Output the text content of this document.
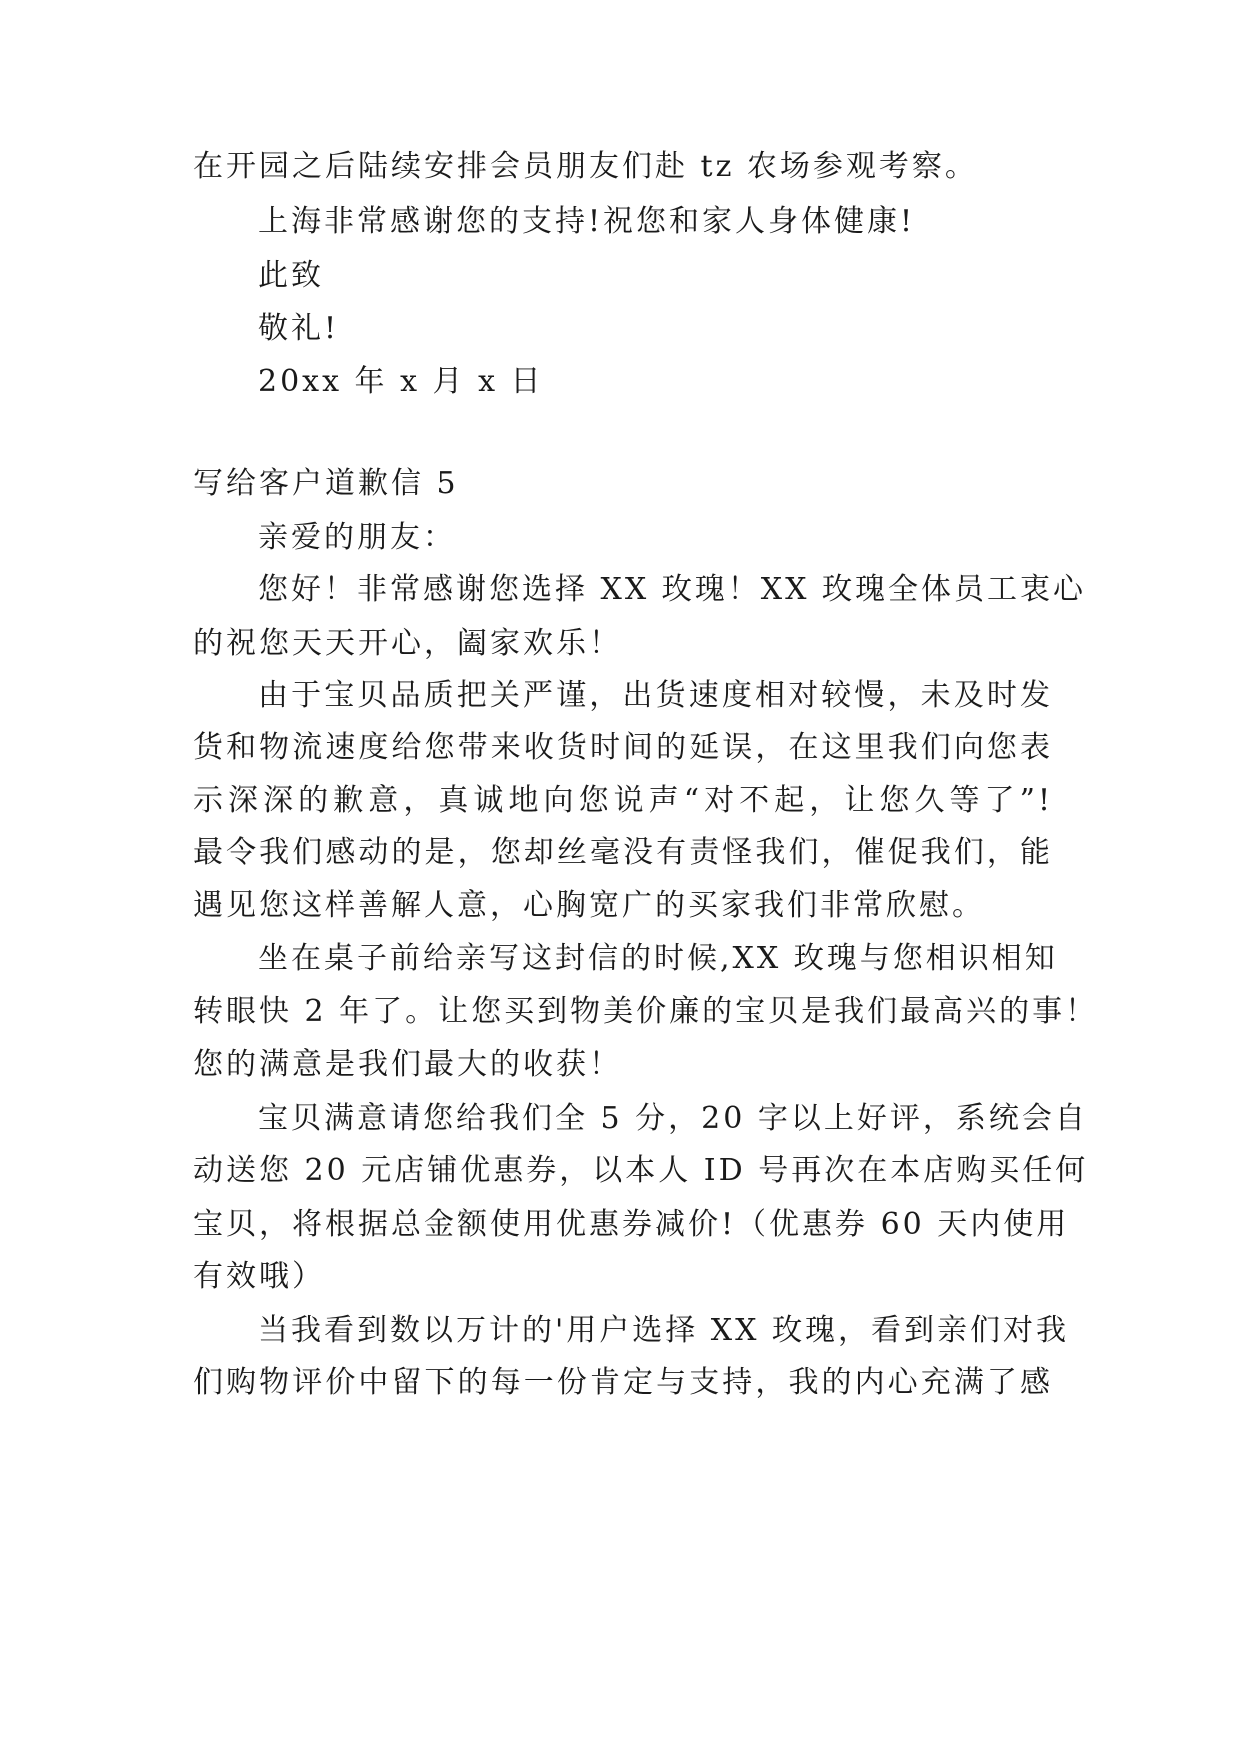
在开园之后陆续安排会员朋友们赴 tz 农场参观考察。
上海非常感谢您的支持!祝您和家人身体健康!
此致
敬礼!
20xx 年 x 月 x 日
写给客户道歉信 5
亲爱的朋友：
您好！非常感谢您选择 XX 玫瑰！XX 玫瑰全体员工衷心
的祝您天天开心，阖家欢乐！
由于宝贝品质把关严谨，出货速度相对较慢，未及时发
货和物流速度给您带来收货时间的延误，在这里我们向您表
示深深的歉意，真诚地向您说声“对不起，让您久等了”!
最令我们感动的是，您却丝毫没有责怪我们，催促我们，能
遇见您这样善解人意，心胸宽广的买家我们非常欣慰。
坐在桌子前给亲写这封信的时候,XX 玫瑰与您相识相知
转眼快 2 年了。让您买到物美价廉的宝贝是我们最高兴的事！
您的满意是我们最大的收获！
宝贝满意请您给我们全 5 分，20 字以上好评，系统会自
动送您 20 元店铺优惠券，以本人 ID 号再次在本店购买任何
宝贝，将根据总金额使用优惠券减价!（优惠券 60 天内使用
有效哦）
当我看到数以万计的'用户选择 XX 玫瑰，看到亲们对我
们购物评价中留下的每一份肯定与支持，我的内心充满了感
